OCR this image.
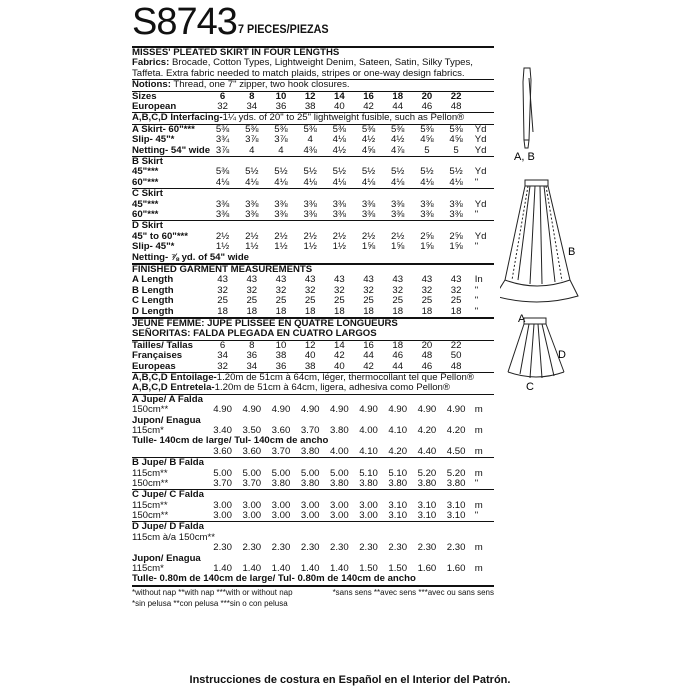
S8743 7 PIECES/PIEZAS
MISSES' PLEATED SKIRT IN FOUR LENGTHS
Fabrics: Brocade, Cotton Types, Lightweight Denim, Sateen, Satin, Silky Types, Taffeta. Extra fabric needed to match plaids, stripes or one-way design fabrics.
Notions: Thread, one 7" zipper, two hook closures.
Sizes	6	8	10	12	14	16	18	20	22
European	32	34	36	38	40	42	44	46	48
A,B,C,D Interfacing-1¼ yds. of 20" to 25" lightweight fusible, such as Pellon®
A Skirt- 60"***	5⅜	5⅜	5⅜	5⅜	5⅜	5⅜	5⅜	5⅜	5⅜	Yd
Slip- 45"*	3¾	3⅞	3⅞	4	4⅛	4½	4½	4⅝	4⅝	Yd
Netting- 54" wide 3⅞	4	4	4⅜	4½	4⅝	4⅞	5	5	Yd
B Skirt
45"***	5⅜	5½	5½	5½	5½	5½	5½	5½	5½	Yd
60"***	4⅛	4⅛	4⅛	4⅛	4⅛	4⅛	4⅛	4⅛	4⅛	"
C Skirt
45"***	3⅜	3⅜	3⅜	3⅜	3⅜	3⅜	3⅜	3⅜	3⅜	Yd
60"***	3⅜	3⅜	3⅜	3⅜	3⅜	3⅜	3⅜	3⅜	3⅜	"
D Skirt
45" to 60"***	2½	2½	2½	2½	2½	2½	2½	2⅝	2⅝	Yd
Slip- 45"*	1½	1½	1½	1½	1½	1⅝	1⅝	1⅝	1⅝	"
Netting- ⅞ yd. of 54" wide
FINISHED GARMENT MEASUREMENTS
A Length	43	43	43	43	43	43	43	43	43	In
B Length	32	32	32	32	32	32	32	32	32	"
C Length	25	25	25	25	25	25	25	25	25	"
D Length	18	18	18	18	18	18	18	18	18	"
JEUNE FEMME: JUPE PLISSÉE EN QUATRE LONGUEURS
SEÑORITAS: FALDA PLEGADA EN CUATRO LARGOS
Tailles/ Tallas	6	8	10	12	14	16	18	20	22
Françaises	34	36	38	40	42	44	46	48	50
Europeas	32	34	36	38	40	42	44	46	48
A,B,C,D Entoilage-1.20m de 51cm à 64cm, léger, thermocollant tel que Pellon®
A,B,C,D Entretela-1.20m de 51cm à 64cm, ligera, adhesiva como Pellon®
A Jupe/ A Falda
150cm**	4.90	4.90	4.90	4.90	4.90	4.90	4.90	4.90	4.90 m
Jupon/ Enagua
115cm*	3.40	3.50	3.60	3.70	3.80	4.00	4.10	4.20	4.20 m
Tulle- 140cm de large/ Tul- 140cm de ancho
3.60	3.60	3.70	3.80	4.00	4.10	4.20	4.40	4.50 m
B Jupe/ B Falda
115cm**	5.00	5.00	5.00	5.00	5.00	5.10	5.10	5.20	5.20 m
150cm**	3.70	3.70	3.80	3.80	3.80	3.80	3.80	3.80	3.80 "
C Jupe/ C Falda
115cm**	3.00	3.00	3.00	3.00	3.00	3.00	3.10	3.10	3.10 m
150cm**	3.00	3.00	3.00	3.00	3.00	3.00	3.10	3.10	3.10 "
D Jupe/ D Falda
115cm à/a 150cm**
2.30	2.30	2.30	2.30	2.30	2.30	2.30	2.30	2.30 m
Jupon/ Enagua
115cm*	1.40	1.40	1.40	1.40	1.40	1.50	1.50	1.60	1.60 m
Tulle- 0.80m de 140cm de large/ Tul- 0.80m de 140cm de ancho
*without nap **with nap ***with or without nap	*sans sens **avec sens ***avec ou sans sens
*sin pelusa **con pelusa ***sin o con pelusa
A, B
B
A
D
C
Instrucciones de costura en Español en el Interior del Patrón.
